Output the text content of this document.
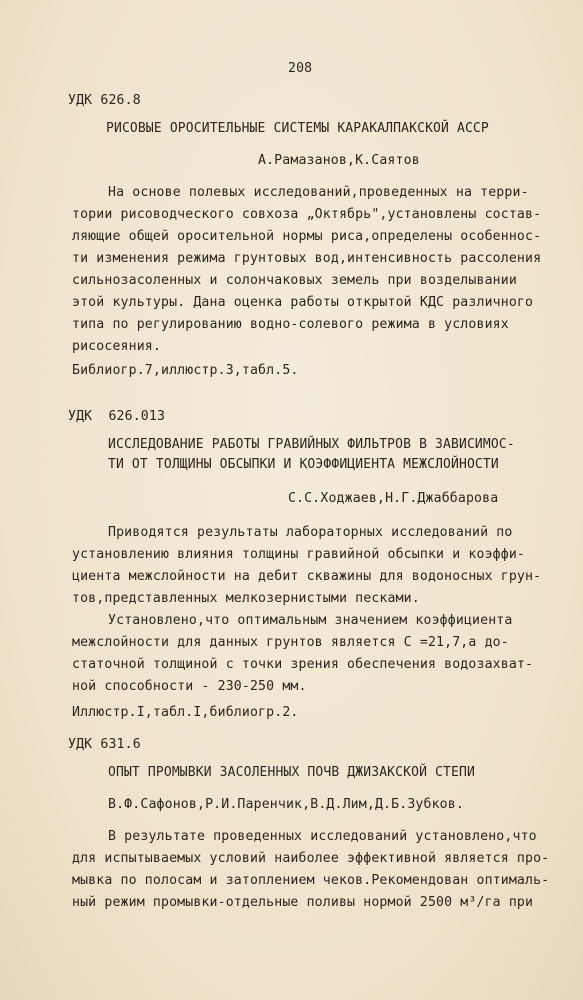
208
УДК 626.8
РИСОВЫЕ ОРОСИТЕЛЬНЫЕ СИСТЕМЫ КАРАКАЛПАКСКОЙ АССР
А.Рамазанов,К.Саятов
На основе полевых исследований,проведенных на терри-
тории рисоводческого совхоза „Октябрь",установлены состав-
ляющие общей оросительной нормы риса,определены особеннос-
ти изменения режима грунтовых вод,интенсивность рассоления
сильнозасоленных и солончаковых земель при возделывании
этой культуры. Дана оценка работы открытой КДС различного
типа по регулированию водно-солевого режима в условиях
рисосеяния.
Библиогр.7,иллюстр.3,табл.5.
УДК  626.013
ИССЛЕДОВАНИЕ РАБОТЫ ГРАВИЙНЫХ ФИЛЬТРОВ В ЗАВИСИМОС-
ТИ ОТ ТОЛЩИНЫ ОБСЫПКИ И КОЭФФИЦИЕНТА МЕЖСЛОЙНОСТИ
С.С.Ходжаев,Н.Г.Джаббарова
Приводятся результаты лабораторных исследований по
установлению влияния толщины гравийной обсыпки и коэффи-
циента межслойности на дебит скважины для водоносных грун-
тов,представленных мелкозернистыми песками.
Установлено,что оптимальным значением коэффициента
межслойности для данных грунтов является С =21,7,а до-
статочной толщиной с точки зрения обеспечения водозахват-
ной способности - 230-250 мм.
Иллюстр.I,табл.I,библиогр.2.
УДК 631.6
ОПЫТ ПРОМЫВКИ ЗАСОЛЕННЫХ ПОЧВ ДЖИЗАКСКОЙ СТЕПИ
В.Ф.Сафонов,Р.И.Паренчик,В.Д.Лим,Д.Б.Зубков.
В результате проведенных исследований установлено,что
для испытываемых условий наиболее эффективной является про-
мывка по полосам и затоплением чеков.Рекомендован оптималь-
ный режим промывки-отдельные поливы нормой 2500 м³/га при
